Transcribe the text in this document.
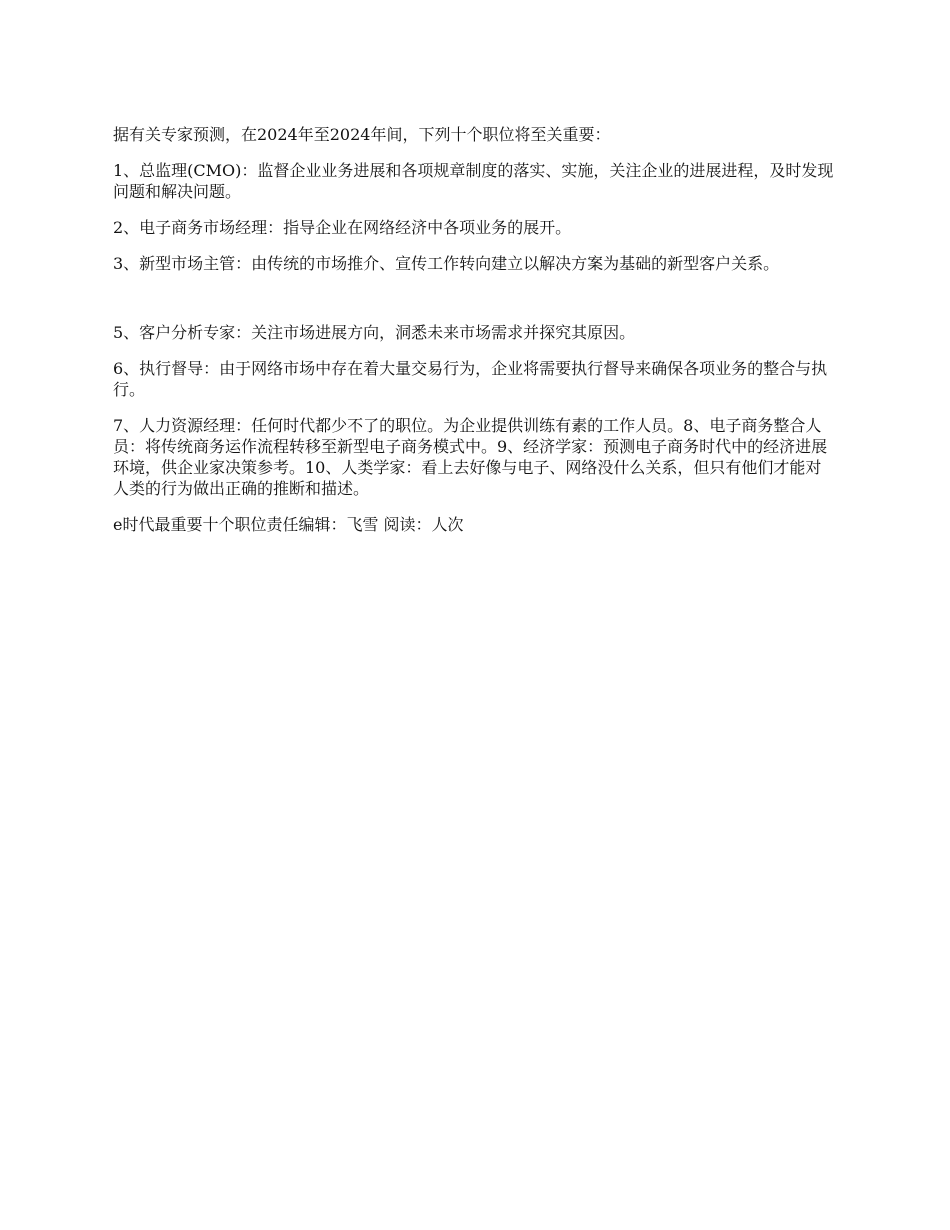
据有关专家预测，在2024年至2024年间，下列十个职位将至关重要：

1、总监理(CMO)：监督企业业务进展和各项规章制度的落实、实施，关注企业的进展进程，及时发现问题和解决问题。

2、电子商务市场经理：指导企业在网络经济中各项业务的展开。

3、新型市场主管：由传统的市场推介、宣传工作转向建立以解决方案为基础的新型客户关系。

5、客户分析专家：关注市场进展方向，洞悉未来市场需求并探究其原因。

6、执行督导：由于网络市场中存在着大量交易行为，企业将需要执行督导来确保各项业务的整合与执行。

7、人力资源经理：任何时代都少不了的职位。为企业提供训练有素的工作人员。8、电子商务整合人员：将传统商务运作流程转移至新型电子商务模式中。9、经济学家：预测电子商务时代中的经济进展环境，供企业家决策参考。10、人类学家：看上去好像与电子、网络没什么关系，但只有他们才能对人类的行为做出正确的推断和描述。

e时代最重要十个职位责任编辑：飞雪 阅读：人次
